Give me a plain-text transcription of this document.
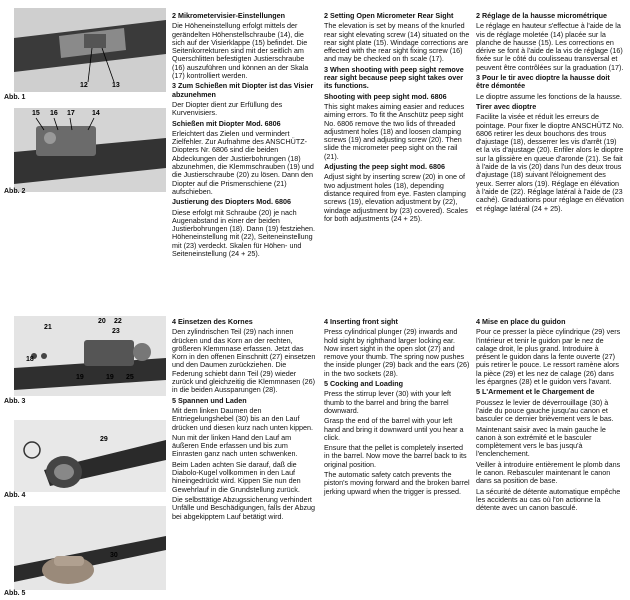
12	13
Abb. 1
15 16 17 14
Abb. 2
21
20 22
23
18
19 25
19
Abb. 3
29
Abb. 4
30
Abb. 5

2 Mikrometervisier-Einstellungen

Die Höheneinstellung erfolgt mittels der gerändelten Höhenstellschraube (14), die sich auf der Visierklappe (15) befindet. Die Seitenkorrekturen sind mit der seitlich am Querschlitten befestigten Justierschraube (16) auszuführen und können an der Skala (17) kontrolliert werden.

3 Zum Schießen mit Diopter ist das Visier abzunehmen

Der Diopter dient zur Erfüllung des Kurvenvisiers.

Schießen mit Diopter Mod. 6806

Erleichtert das Zielen und vermindert Zielfehler. Zur Aufnahme des ANSCHÜTZ-Diopters Nr. 6806 sind die beiden Abdeckungen der Justierbohrungen (18) abzunehmen, die Klemmschrauben (19) und die Justierschraube (20) zu lösen. Dann den Diopter auf die Prismenschiene (21) aufschieben.

Justierung des Diopters Mod. 6806

Diese erfolgt mit Schraube (20) je nach Augenabstand in einer der beiden Justierbohrungen (18). Dann (19) festziehen. Höheneinstellung mit (22), Seiteneinstellung mit (23) verdeckt. Skalen für Höhen- und Seiteneinstellung (24 + 25).

4 Einsetzen des Kornes

Den zylindrischen Teil (29) nach innen drücken und das Korn an der rechten, größeren Klemmnase erfassen. Jetzt das Korn in den offenen Einschnitt (27) einsetzen und den Daumen zurückziehen. Die Federung schiebt dann Teil (29) wieder zurück und gleichzeitig die Klemmnasen (26) in die beiden Aussparungen (28).

5 Spannen und Laden

Mit dem linken Daumen den Entriegelungshebel (30) bis an den Lauf drücken und diesen kurz nach unten kippen.

Nun mit der linken Hand den Lauf am äußeren Ende erfassen und bis zum Einrasten ganz nach unten schwenken.

Beim Laden achten Sie darauf, daß die Diabolo-Kugel vollkommen in den Lauf hineingedrückt wird. Kippen Sie nun den Gewehrlauf in die Grundstellung zurück.

Die selbsttätige Abzugssicherung verhindert Unfälle und Beschädigungen, falls der Abzug bei abgekipptem Lauf betätigt wird.

2 Setting Open Micrometer Rear Sight

The elevation is set by means of the knurled rear sight elevating screw (14) situated on the rear sight plate (15). Windage corrections are effected with the rear sight fixing screw (16) and may be checked on th scale (17).

3 When shooting with peep sight remove rear sight because peep sight takes over its functions.

Shooting with peep sight mod. 6806

This sight makes aiming easier and reduces aiming errors. To fit the Anschütz peep sight No. 6806 remove the two lids of threaded adjustment holes (18) and loosen clamping screws (19) and adjusting screw (20). Then slide the micrometer peep sight on the rail (21).

Adjusting the peep sight mod. 6806

Adjust sight by inserting screw (20) in one of two adjustment holes (18), depending distance required from eye. Fasten clamping screws (19), elevation adjustment by (22), windage adjustment by (23) covered). Scales for both adjustments (24 + 25).

4 Inserting front sight

Press cylindrical plunger (29) inwards and hold sight by righthand larger locking ear. Now insert sight in the open slot (27) and remove your thumb. The spring now pushes the inside plunger (29) back and the ears (26) in the two sockets (28).

5 Cocking and Loading

Press the stirrup lever (30) with your left thumb to the barrel and bring the barrel downward.

Grasp the end of the barrel with your left hand and bring it downward until you hear a click.

Ensure that the pellet is completely inserted in the barrel. Now move the barrel back to its original position.

The automatic safety catch prevents the piston's moving forward and the broken barrel jerking upward when the trigger is pressed.

2 Réglage de la hausse micrométrique

Le réglage en hauteur s'effectue à l'aide de la vis de réglage moletée (14) placée sur la planche de hausse (15). Les corrections en dérive se font à l'aide de la vis de réglage (16) fixée sur le côté du coulisseau transversal et peuvent être contrôlées sur la graduation (17).

3 Pour le tir avec dioptre la hausse doit être démontée

Le dioptre assume les fonctions de la hausse.

Tirer avec dioptre

Facilite la visée et réduit les erreurs de pointage. Pour fixer le dioptre ANSCHÜTZ No. 6806 retirer les deux bouchons des trous d'ajustage (18), desserrer les vis d'arrêt (19) et la vis d'ajustage (20). Enfiler alors le dioptre sur la glissière en queue d'aronde (21). Se fait à l'aide de la vis (20) dans l'un des deux trous d'ajustage (18) suivant l'éloignement des yeux. Serrer alors (19). Réglage en élévation à l'aide de (22). Réglage latéral à l'aide de (23 caché). Graduations pour réglage en élévation et réglage latéral (24 + 25).

4 Mise en place du guidon

Pour ce presser la pièce cylindrique (29) vers l'intérieur et tenir le guidon par le nez de calage droit, le plus grand. Introduire à présent le guidon dans la fente ouverte (27) puis retirer le pouce. Le ressort ramène alors la pièce (29) et les nez de calage (26) dans les épargnes (28) et le guidon vers l'avant.

5 L'Armement et le Chargement de

Poussez le levier de déverrouillage (30) à l'aide du pouce gauche jusqu'au canon et basculer ce dernier brièvement vers le bas.

Maintenant saisir avec la main gauche le canon à son extrémité et le basculer complètement vers le bas jusqu'à l'enclenchement.

Veiller à introduire entièrement le plomb dans le canon. Rebasculer maintenant le canon dans sa position de base.

La sécurité de détente automatique empêche les accidents au cas où l'on actionne la détente avec un canon basculé.
